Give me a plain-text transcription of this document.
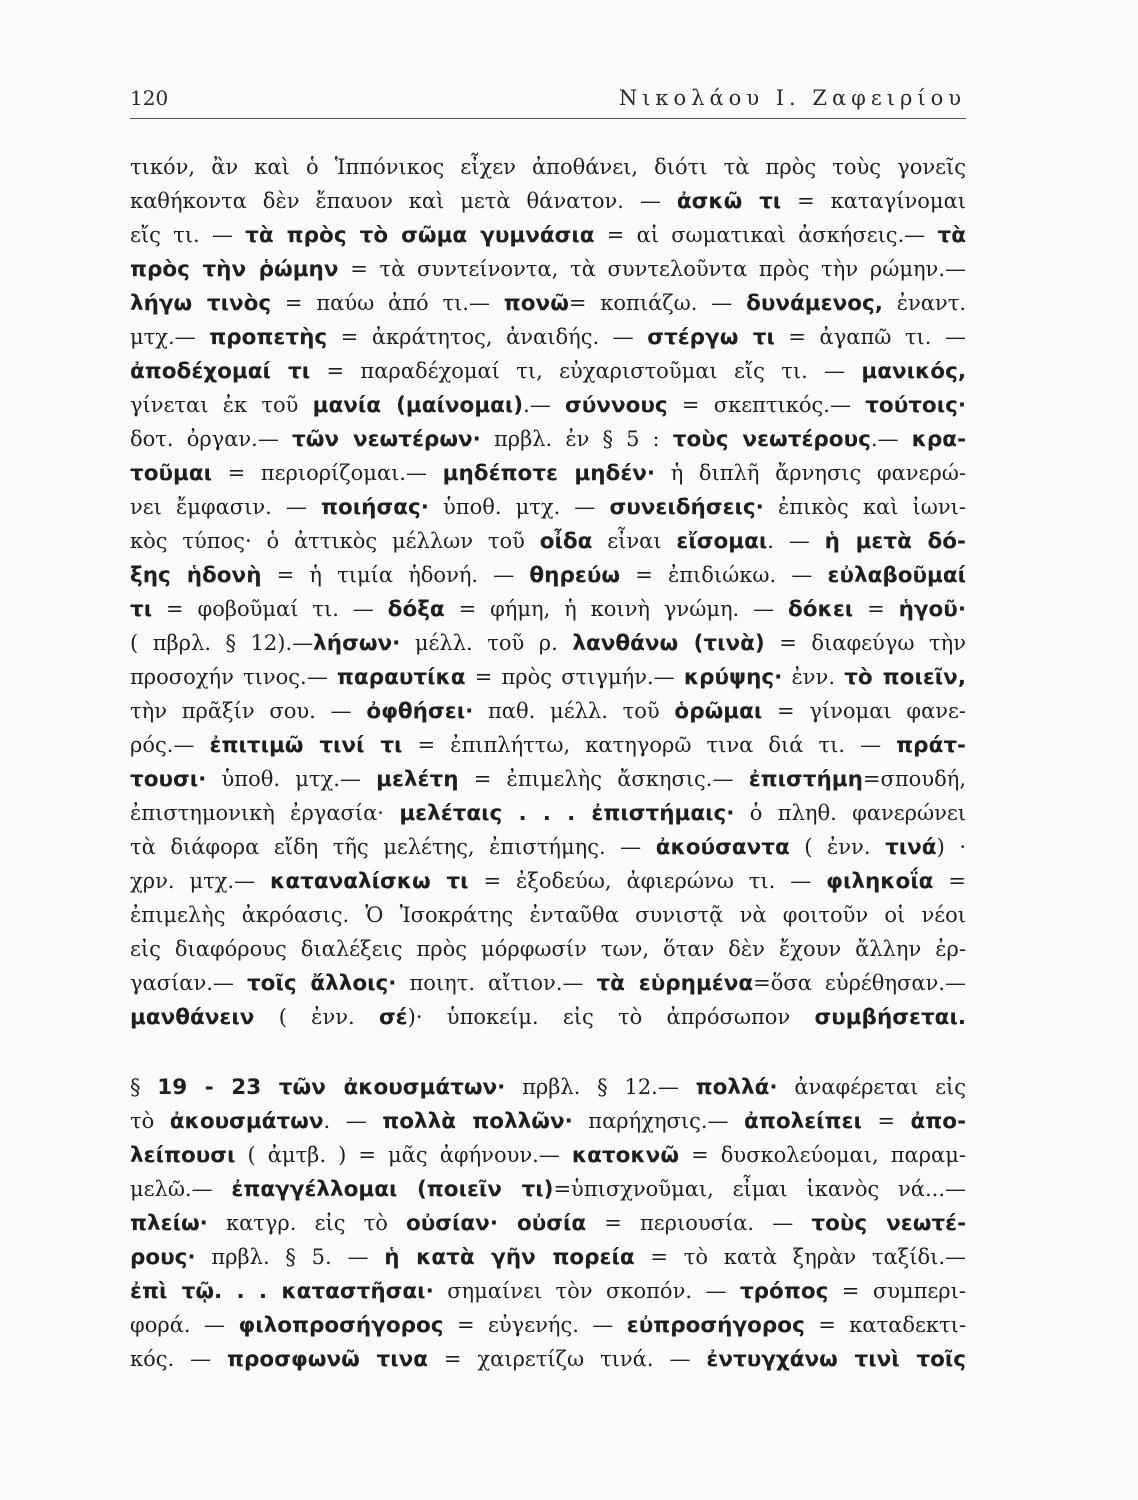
120	Νικολάου Ι. Ζαφειρίου
τικόν, ἂν καὶ ὁ Ἱππόνικος εἶχεν ἀποθάνει, διότι τὰ πρὸς τοὺς γονεῖς
καθήκοντα δὲν ἔπαυον καὶ μετὰ θάνατον. — ἀσκῶ τι = καταγίνομαι
εἴς τι. — τὰ πρὸς τὸ σῶμα γυμνάσια = αἱ σωματικαὶ ἀσκήσεις.— τὰ
πρὸς τὴν ῥώμην = τὰ συντείνοντα, τὰ συντελοῦντα πρὸς τὴν ρώμην.—
λήγω τινὸς = παύω ἀπό τι.— πονῶ= κοπιάζω. — δυνάμενος, ἐναντ.
μτχ.— προπετὴς = ἀκράτητος, ἀναιδής. — στέργω τι = ἀγαπῶ τι. —
ἀποδέχομαί τι = παραδέχομαί τι, εὐχαριστοῦμαι εἴς τι. — μανικός,
γίνεται ἐκ τοῦ μανία (μαίνομαι).— σύννους = σκεπτικός.— τούτοις·
δοτ. ὀργαν.— τῶν νεωτέρων· πρβλ. ἐν § 5 : τοὺς νεωτέρους.— κρα-
τοῦμαι = περιορίζομαι.— μηδέποτε μηδέν· ἡ διπλῆ ἄρνησις φανερώ-
νει ἔμφασιν. — ποιήσας· ὑποθ. μτχ. — συνειδήσεις· ἐπικὸς καὶ ἰωνι-
κὸς τύπος· ὁ ἀττικὸς μέλλων τοῦ οἶδα εἶναι εἴσομαι. — ἡ μετὰ δό-
ξης ἡδονὴ = ἡ τιμία ἡδονή. — θηρεύω = ἐπιδιώκω. — εὐλαβοῦμαί
τι = φοβοῦμαί τι. — δόξα = φήμη, ἡ κοινὴ γνώμη. — δόκει = ἡγοῦ·
( πβρλ. § 12).—λήσων· μέλλ. τοῦ ρ. λανθάνω (τινὰ) = διαφεύγω τὴν
προσοχήν τινος.— παραυτίκα = πρὸς στιγμήν.— κρύψης· ἐνν. τὸ ποιεῖν,
τὴν πρᾶξίν σου. — ὀφθήσει· παθ. μέλλ. τοῦ ὁρῶμαι = γίνομαι φανε-
ρός.— ἐπιτιμῶ τινί τι = ἐπιπλήττω, κατηγορῶ τινα διά τι. — πράτ-
τουσι· ὑποθ. μτχ.— μελέτη = ἐπιμελὴς ἄσκησις.— ἐπιστήμη=σπουδή,
ἐπιστημονικὴ ἐργασία· μελέταις . . . ἐπιστήμαις· ὁ πληθ. φανερώνει
τὰ διάφορα εἴδη τῆς μελέτης, ἐπιστήμης. — ἀκούσαντα ( ἐνν. τινά) ·
χρν. μτχ.— καταναλίσκω τι = ἐξοδεύω, ἀφιερώνω τι. — φιληκοΐα =
ἐπιμελὴς ἀκρόασις. Ὁ Ἰσοκράτης ἐνταῦθα συνιστᾷ νὰ φοιτοῦν οἱ νέοι
εἰς διαφόρους διαλέξεις πρὸς μόρφωσίν των, ὅταν δὲν ἔχουν ἄλλην ἐρ-
γασίαν.— τοῖς ἄλλοις· ποιητ. αἴτιον.— τὰ εὑρημένα=ὅσα εὑρέθησαν.—
μανθάνειν ( ἐνν. σέ)· ὑποκείμ. εἰς τὸ ἀπρόσωπον συμβήσεται.
§ 19 - 23 τῶν ἀκουσμάτων· πρβλ. § 12.— πολλά· ἀναφέρεται εἰς
τὸ ἀκουσμάτων. — πολλὰ πολλῶν· παρήχησις.— ἀπολείπει = ἀπο-
λείπουσι ( ἀμτβ. ) = μᾶς ἀφήνουν.— κατοκνῶ = δυσκολεύομαι, παραμ-
μελῶ.— ἐπαγγέλλομαι (ποιεῖν τι)=ὑπισχνοῦμαι, εἶμαι ἱκανὸς νά...—
πλείω· κατγρ. εἰς τὸ οὐσίαν· οὐσία = περιουσία. — τοὺς νεωτέ-
ρους· πρβλ. § 5. — ἡ κατὰ γῆν πορεία = τὸ κατὰ ξηρὰν ταξίδι.—
ἐπὶ τῷ. . . καταστῆσαι· σημαίνει τὸν σκοπόν. — τρόπος = συμπερι-
φορά. — φιλοπροσήγορος = εὐγενής. — εὐπροσήγορος = καταδεκτι-
κός. — προσφωνῶ τινα = χαιρετίζω τινά. — ἐντυγχάνω τινὶ τοῖς
